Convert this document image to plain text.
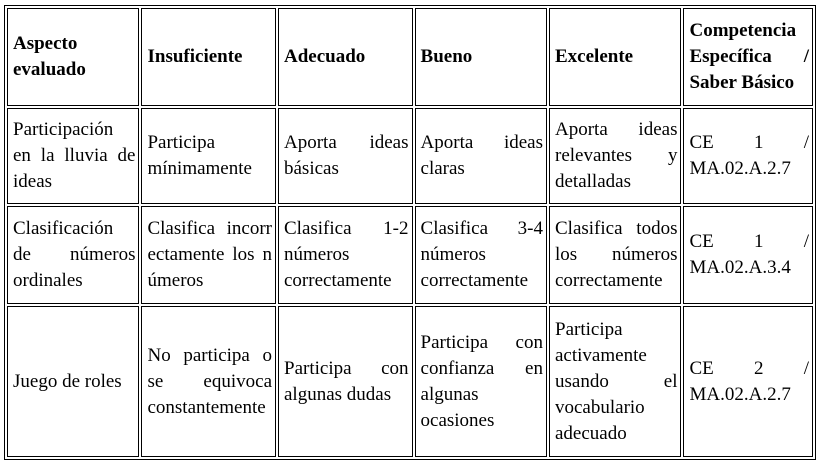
Aspecto evaluado	Insuficiente	Adecuado	Bueno	Excelente	Competencia Específica / Saber Básico

Participación en la lluvia de ideas	Participa mínimamente	Aporta ideas básicas	Aporta ideas claras	Aporta ideas relevantes y detalladas	CE 1 / MA.02.A.2.7

Clasificación de números ordinales	Clasifica incorrectamente los números	Clasifica 1-2 números correctamente	Clasifica 3-4 números correctamente	Clasifica todos los números correctamente	CE 1 / MA.02.A.3.4

Juego de roles	No participa o se equivoca constantemente	Participa con algunas dudas	Participa con confianza en algunas ocasiones	Participa activamente usando el vocabulario adecuado	CE 2 / MA.02.A.2.7
